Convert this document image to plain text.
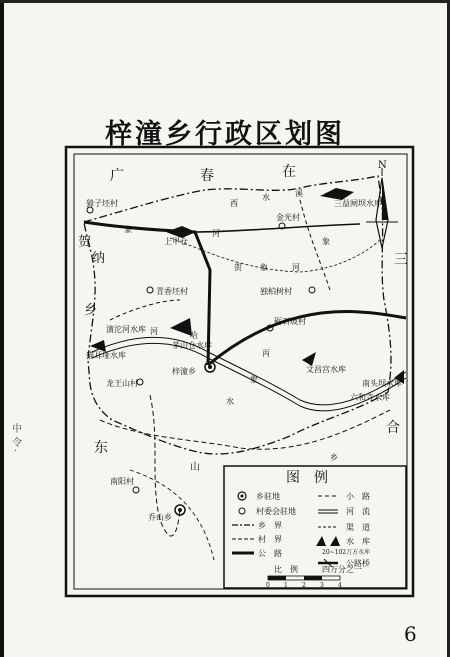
梓潼乡行政区划图
中
令
·
N
广	春	在
贺
纳
乡
三
东
合
山
西
水	溪
象	河
贺 象	河
哈
河
丙
象
水
象
乡
獐子坯村
金光村
青香坯村	独柏树村
砺石坡村
龙王山村
南阳村
乔山乡
梓潼乡
三益闸坝水库
六和寺水库
上甲仓
潢沱河水库
茅山仓水库
猫耳垭水库
文昌宫水库
南头坝水库
图　例
乡驻地
村委会驻地
乡　界
村　界
公　路
小　路
河　流
渠　道
水　库
20~102万方水库
公路桥
比　例	四万分之一
0 1 2 3 4
6
